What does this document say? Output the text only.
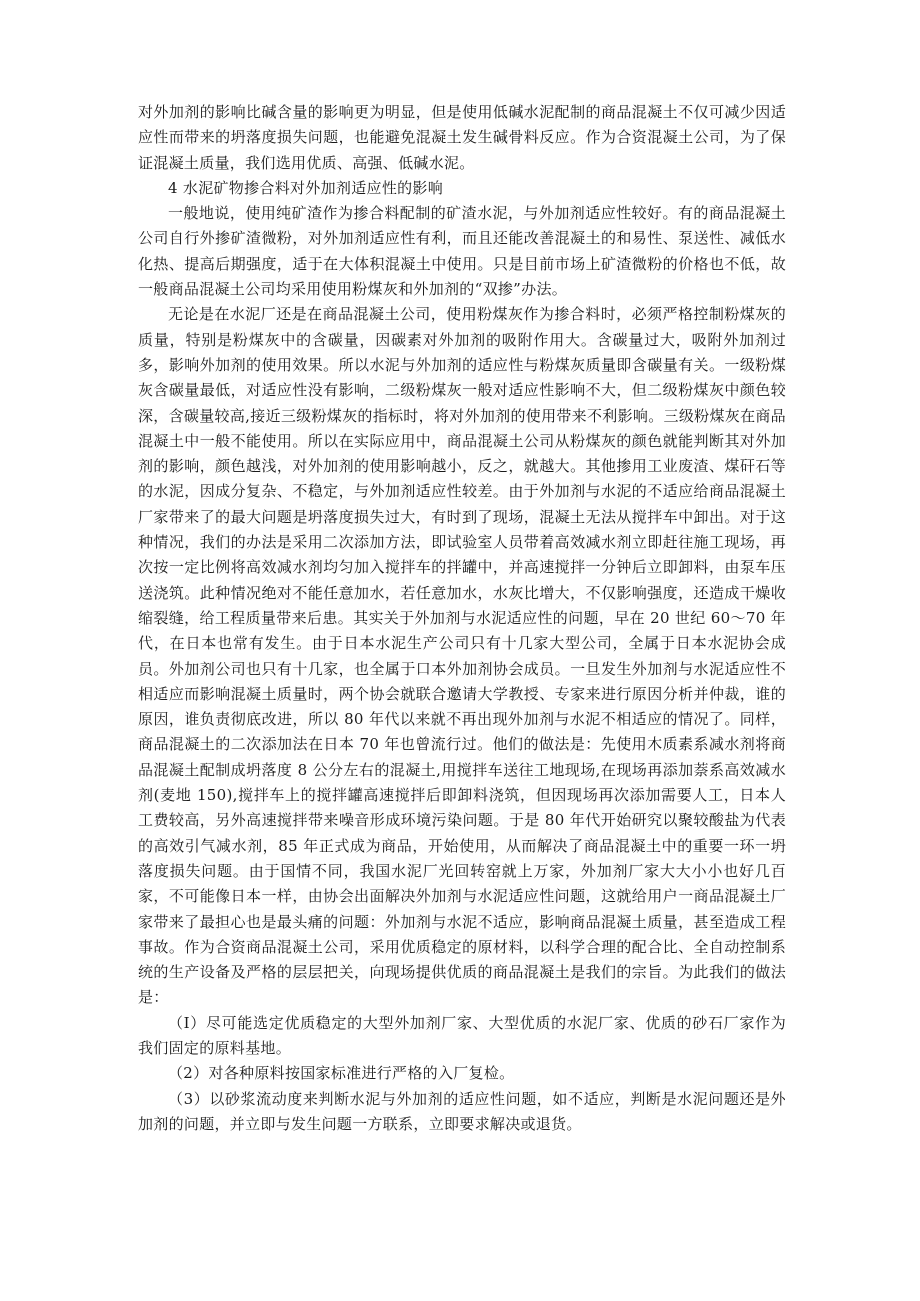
对外加剂的影响比碱含量的影响更为明显，但是使用低碱水泥配制的商品混凝土不仅可减少因适应性而带来的坍落度损失问题，也能避免混凝土发生碱骨料反应。作为合资混凝土公司，为了保证混凝土质量，我们选用优质、高强、低碱水泥。

4 水泥矿物掺合料对外加剂适应性的影响

一般地说，使用纯矿渣作为掺合料配制的矿渣水泥，与外加剂适应性较好。有的商品混凝土公司自行外掺矿渣微粉，对外加剂适应性有利，而且还能改善混凝土的和易性、泵送性、减低水化热、提高后期强度，适于在大体积混凝土中使用。只是目前市场上矿渣微粉的价格也不低，故一般商品混凝土公司均采用使用粉煤灰和外加剂的“双掺”办法。

无论是在水泥厂还是在商品混凝土公司，使用粉煤灰作为掺合料时，必须严格控制粉煤灰的质量，特别是粉煤灰中的含碳量，因碳素对外加剂的吸附作用大。含碳量过大，吸附外加剂过多，影响外加剂的使用效果。所以水泥与外加剂的适应性与粉煤灰质量即含碳量有关。一级粉煤灰含碳量最低，对适应性没有影响，二级粉煤灰一般对适应性影响不大，但二级粉煤灰中颜色较深，含碳量较高,接近三级粉煤灰的指标时，将对外加剂的使用带来不利影响。三级粉煤灰在商品混凝土中一般不能使用。所以在实际应用中，商品混凝土公司从粉煤灰的颜色就能判断其对外加剂的影响，颜色越浅，对外加剂的使用影响越小，反之，就越大。其他掺用工业废渣、煤矸石等的水泥，因成分复杂、不稳定，与外加剂适应性较差。由于外加剂与水泥的不适应给商品混凝土厂家带来了的最大问题是坍落度损失过大，有时到了现场，混凝土无法从搅拌车中卸出。对于这种情况，我们的办法是采用二次添加方法，即试验室人员带着高效减水剂立即赶往施工现场，再次按一定比例将高效减水剂均匀加入搅拌车的拌罐中，并高速搅拌一分钟后立即卸料，由泵车压送浇筑。此种情况绝对不能任意加水，若任意加水，水灰比增大，不仅影响强度，还造成干燥收缩裂缝，给工程质量带来后患。其实关于外加剂与水泥适应性的问题，早在 20 世纪 60～70 年代，在日本也常有发生。由于日本水泥生产公司只有十几家大型公司，全属于日本水泥协会成员。外加剂公司也只有十几家，也全属于口本外加剂协会成员。一旦发生外加剂与水泥适应性不相适应而影响混凝土质量时，两个协会就联合邀请大学教授、专家来进行原因分析并仲裁，谁的原因，谁负责彻底改进，所以 80 年代以来就不再出现外加剂与水泥不相适应的情况了。同样，商品混凝土的二次添加法在日本 70 年也曾流行过。他们的做法是：先使用木质素系减水剂将商品混凝土配制成坍落度 8 公分左右的混凝土,用搅拌车送往工地现场,在现场再添加萘系高效减水剂(麦地 150),搅拌车上的搅拌罐高速搅拌后即卸料浇筑，但因现场再次添加需要人工，日本人工费较高，另外高速搅拌带来噪音形成环境污染问题。于是 80 年代开始研究以聚较酸盐为代表的高效引气减水剂，85 年正式成为商品，开始使用，从而解决了商品混凝土中的重要一环一坍落度损失问题。由于国情不同，我国水泥厂光回转窑就上万家，外加剂厂家大大小小也好几百家，不可能像日本一样，由协会出面解决外加剂与水泥适应性问题，这就给用户一商品混凝土厂家带来了最担心也是最头痛的问题：外加剂与水泥不适应，影响商品混凝土质量，甚至造成工程事故。作为合资商品混凝土公司，采用优质稳定的原材料，以科学合理的配合比、全自动控制系统的生产设备及严格的层层把关，向现场提供优质的商品混凝土是我们的宗旨。为此我们的做法是：

（I）尽可能选定优质稳定的大型外加剂厂家、大型优质的水泥厂家、优质的砂石厂家作为我们固定的原料基地。

（2）对各种原料按国家标准进行严格的入厂复检。

（3）以砂浆流动度来判断水泥与外加剂的适应性问题，如不适应，判断是水泥问题还是外加剂的问题，并立即与发生问题一方联系，立即要求解决或退货。
